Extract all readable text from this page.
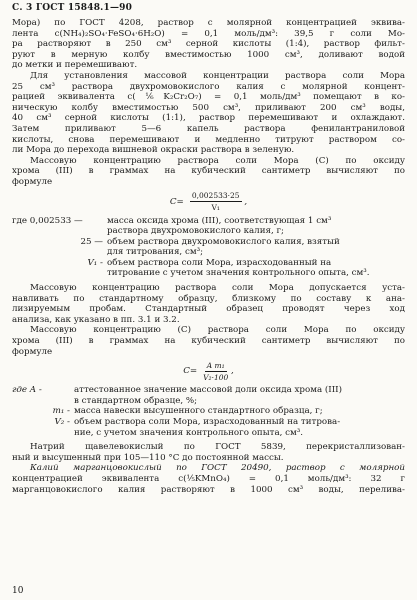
С. 3 ГОСТ 15848.1—90
Мора) по ГОСТ 4208, раствор с молярной концентрацией эквива-
лента c(NH₄)₂SO₄·FeSO₄·6H₂O) = 0,1 моль/дм³: 39,5 г соли Мо-
ра растворяют в 250 см³ серной кислоты (1:4), раствор фильт-
руют в мерную колбу вместимостью 1000 см³, доливают водой
до метки и перемешивают.
Для установления массовой концентрации раствора соли Мора
25 см³ раствора двухромовокислого калия с молярной концент-
рацией эквивалента c(⅙K₂Cr₂O₇) = 0,1 моль/дм³ помещают в ко-
ническую колбу вместимостью 500 см³, приливают 200 см³ воды,
40 см³ серной кислоты (1:1), раствор перемешивают и охлаждают.
Затем приливают 5—6 капель раствора фенилантраниловой
кислоты, снова перемешивают и медленно титруют раствором со-
ли Мора до перехода вишневой окраски раствора в зеленую.
Массовую концентрацию раствора соли Мора (С) по оксиду
хрома (III) в граммах на кубический сантиметр вычисляют по
формуле
$C= \frac{0,002533\cdot 25}{\text{V₁}}$ ,
где 0,002533 —	масса оксида хрома (III), соответствующая 1 см³
раствора двухромовокислого калия, г;
25 — объем раствора двухромовокислого калия, взятый
для титрования, см³;
V₁ - объем раствора соли Мора, израсходованный на
титрование с учетом значения контрольного опыта, см³.
Массовую концентрацию раствора соли Мора допускается уста-
навливать по стандартному образцу, близкому по составу к ана-
лизируемым пробам. Стандартный образец проводят через ход
анализа, как указано в пп. 3.1 и 3.2.
Массовую концентрацию (С) раствора соли Мора по оксиду
хрома (III) в граммах на кубический сантиметр вычисляют по
формуле
$C= \frac{\text{A m₁}}{\text{V₂·100}}$ ,
где A -	аттестованное значение массовой доли оксида хрома (III)
в стандартном образце, %;
m₁ - масса навески высушенного стандартного образца, г;
V₂ - объем раствора соли Мора, израсходованный на титрова-
ние, с учетом значения контрольного опыта, см³.
Натрий щавелевокислый по ГОСТ 5839, перекристаллизован-
ный и высушенный при 105—110 °С до постоянной массы.
Калий марганцовокислый по ГОСТ 20490, раствор с молярной
концентрацией эквивалента c(⅕KMnO₄) = 0,1 моль/дм³: 32 г
марганцовокислого калия растворяют в 1000 см³ воды, перелива-
10
